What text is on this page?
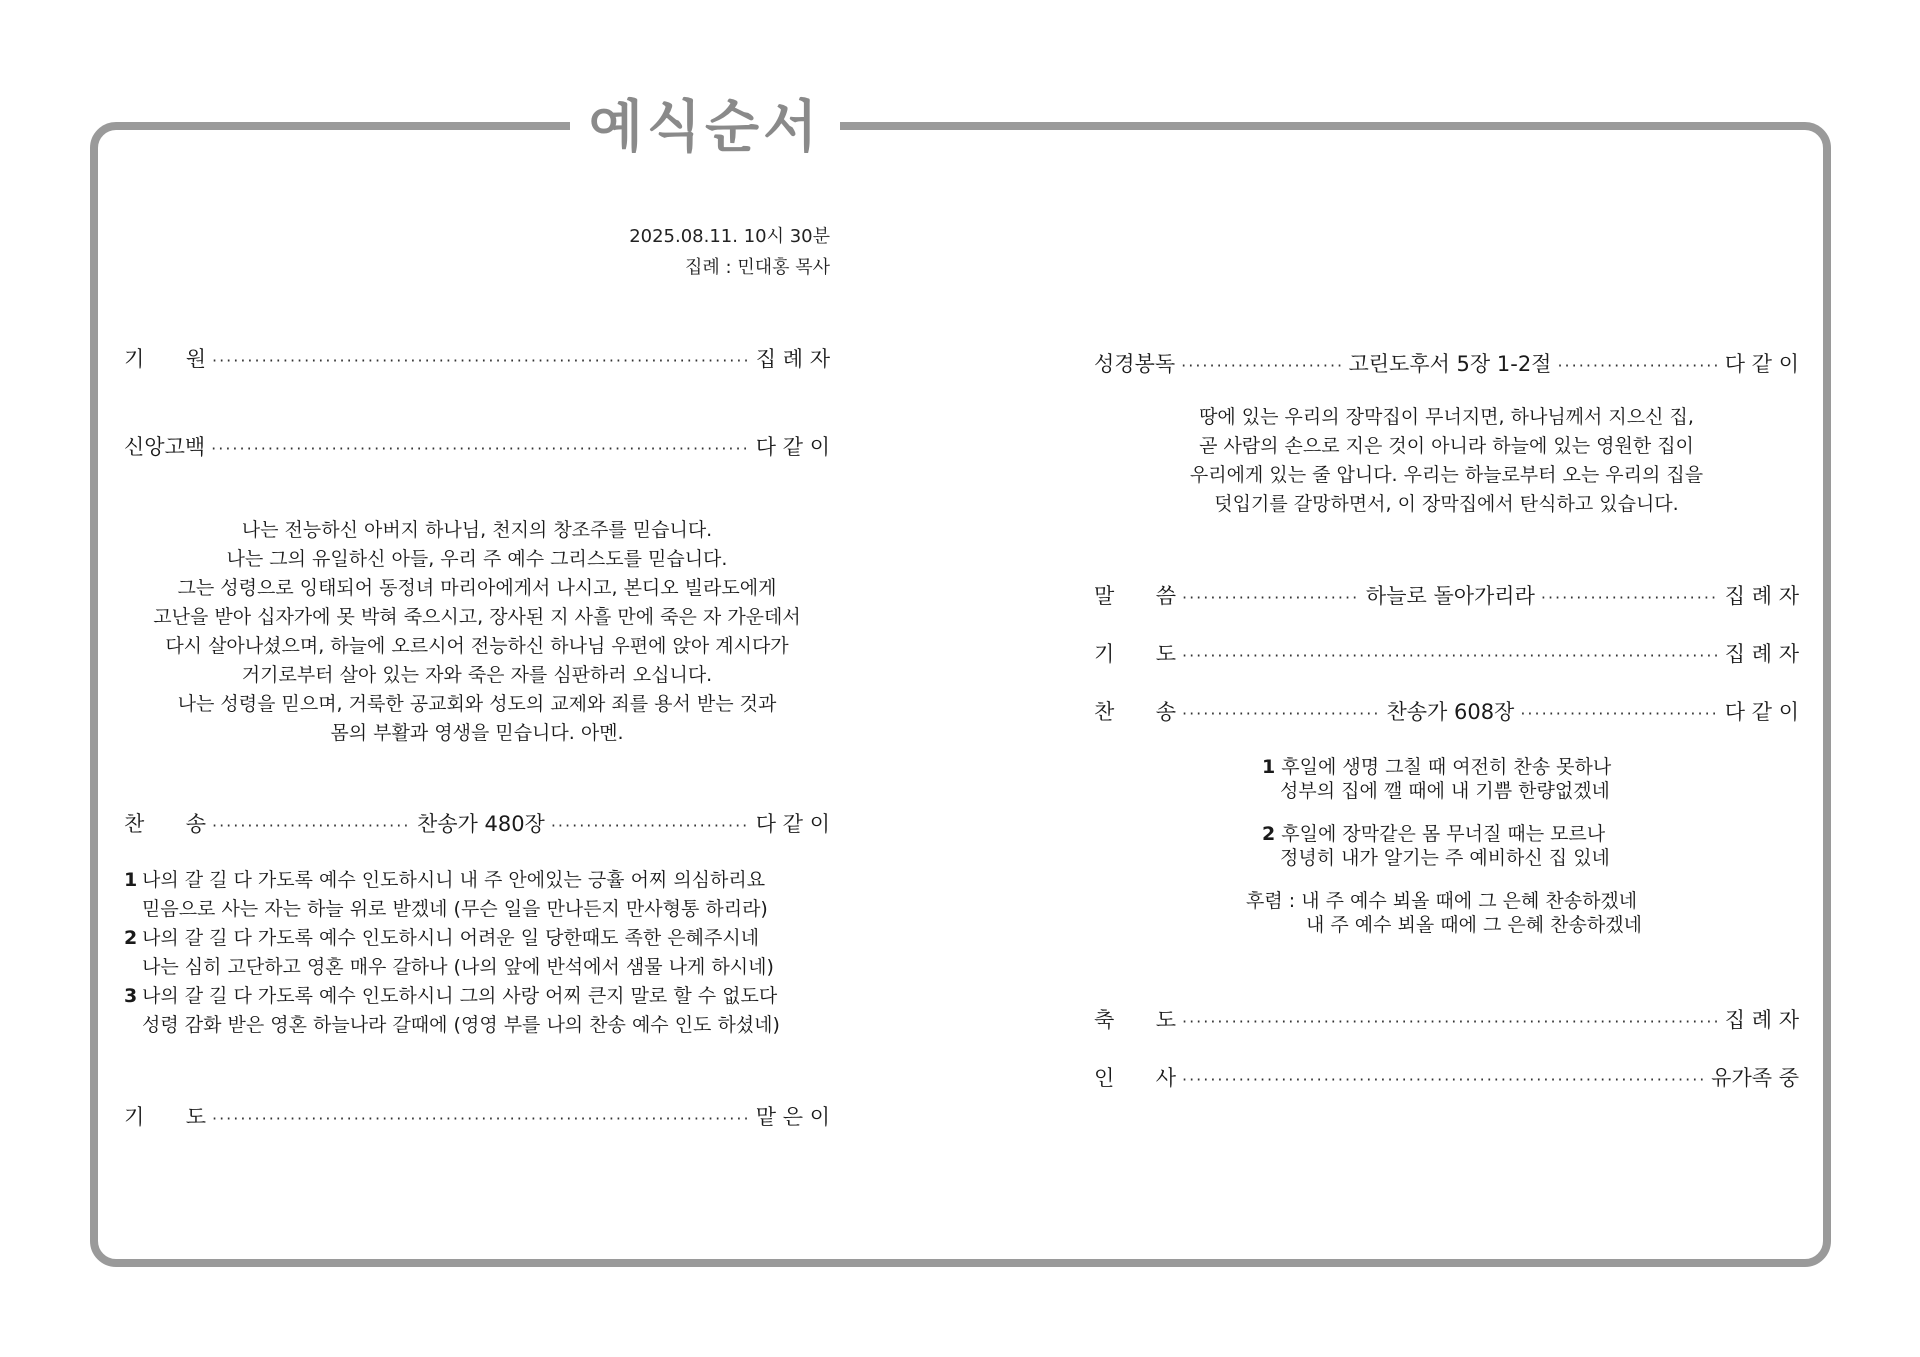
예식순서
2025.08.11. 10시 30분
집례 : 민대홍 목사
기 원 ·····	집 례 자
신앙고백 ·····	다 같 이
나는 전능하신 아버지 하나님, 천지의 창조주를 믿습니다.
나는 그의 유일하신 아들, 우리 주 예수 그리스도를 믿습니다.
그는 성령으로 잉태되어 동정녀 마리아에게서 나시고, 본디오 빌라도에게
고난을 받아 십자가에 못 박혀 죽으시고, 장사된 지 사흘 만에 죽은 자 가운데서
다시 살아나셨으며, 하늘에 오르시어 전능하신 하나님 우편에 앉아 계시다가
거기로부터 살아 있는 자와 죽은 자를 심판하러 오십니다.
나는 성령을 믿으며, 거룩한 공교회와 성도의 교제와 죄를 용서 받는 것과
몸의 부활과 영생을 믿습니다. 아멘.
찬 송 ·····	찬송가 480장 ·····	다 같 이
1 나의 갈 길 다 가도록 예수 인도하시니 내 주 안에있는 긍휼 어찌 의심하리요
믿음으로 사는 자는 하늘 위로 받겠네 (무슨 일을 만나든지 만사형통 하리라)
2 나의 갈 길 다 가도록 예수 인도하시니 어려운 일 당한때도 족한 은혜주시네
나는 심히 고단하고 영혼 매우 갈하나 (나의 앞에 반석에서 샘물 나게 하시네)
3 나의 갈 길 다 가도록 예수 인도하시니 그의 사랑 어찌 큰지 말로 할 수 없도다
성령 감화 받은 영혼 하늘나라 갈때에 (영영 부를 나의 찬송 예수 인도 하셨네)
기 도 ·····	맡 은 이
성경봉독 ·····	고린도후서 5장 1-2절 ·····	다 같 이
땅에 있는 우리의 장막집이 무너지면, 하나님께서 지으신 집,
곧 사람의 손으로 지은 것이 아니라 하늘에 있는 영원한 집이
우리에게 있는 줄 압니다. 우리는 하늘로부터 오는 우리의 집을
덧입기를 갈망하면서, 이 장막집에서 탄식하고 있습니다.
말 씀 ·····	하늘로 돌아가리라 ·····	집 례 자
기 도 ·····	집 례 자
찬 송 ·····	찬송가 608장 ·····	다 같 이
1 후일에 생명 그칠 때 여전히 찬송 못하나
성부의 집에 깰 때에 내 기쁨 한량없겠네
2 후일에 장막같은 몸 무너질 때는 모르나
정녕히 내가 알기는 주 예비하신 집 있네
후렴 : 내 주 예수 뵈올 때에 그 은혜 찬송하겠네
내 주 예수 뵈올 때에 그 은혜 찬송하겠네
축 도 ·····	집 례 자
인 사 ·····	유가족 중
